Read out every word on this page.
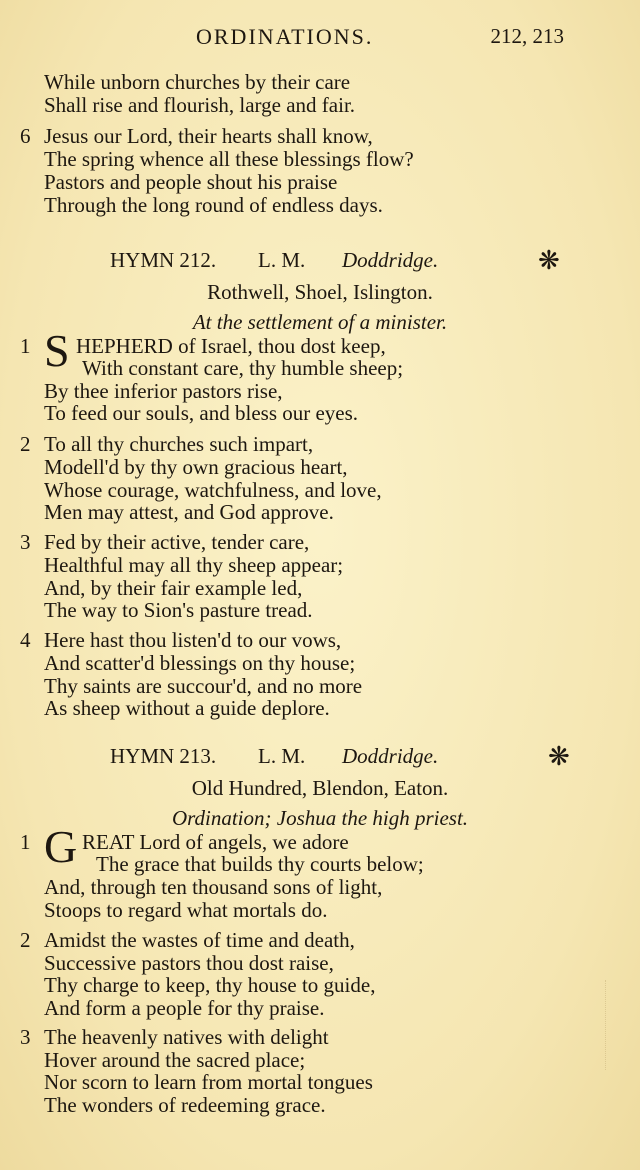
ORDINATIONS.	212, 213
While unborn churches by their care
Shall rise and flourish, large and fair.
6 Jesus our Lord, their hearts shall know,
The spring whence all these blessings flow?
Pastors and people shout his praise
Through the long round of endless days.
HYMN 212. L. M. Doddridge.	❋
Rothwell, Shoel, Islington.
At the settlement of a minister.
1 S HEPHERD of Israel, thou dost keep,
With constant care, thy humble sheep;
By thee inferior pastors rise,
To feed our souls, and bless our eyes.
2 To all thy churches such impart,
Modell'd by thy own gracious heart,
Whose courage, watchfulness, and love,
Men may attest, and God approve.
3 Fed by their active, tender care,
Healthful may all thy sheep appear;
And, by their fair example led,
The way to Sion's pasture tread.
4 Here hast thou listen'd to our vows,
And scatter'd blessings on thy house;
Thy saints are succour'd, and no more
As sheep without a guide deplore.
HYMN 213. L. M. Doddridge.	❋
Old Hundred, Blendon, Eaton.
Ordination; Joshua the high priest.
1 G REAT Lord of angels, we adore
The grace that builds thy courts below;
And, through ten thousand sons of light,
Stoops to regard what mortals do.
2 Amidst the wastes of time and death,
Successive pastors thou dost raise,
Thy charge to keep, thy house to guide,
And form a people for thy praise.
3 The heavenly natives with delight
Hover around the sacred place;
Nor scorn to learn from mortal tongues
The wonders of redeeming grace.
